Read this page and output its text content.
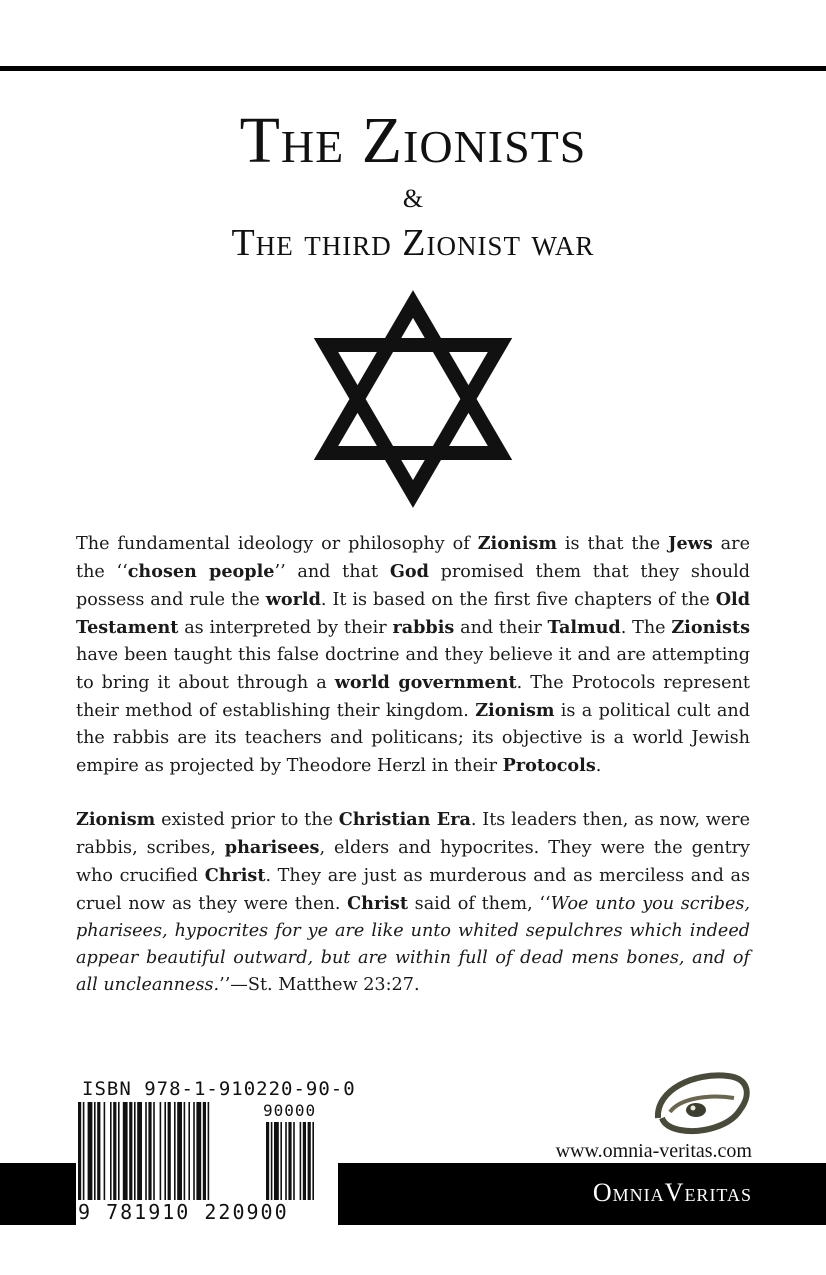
The Zionists
&
The third Zionist war

The fundamental ideology or philosophy of Zionism is that the Jews are the ‘‘chosen people’’ and that God promised them that they should possess and rule the world. It is based on the first five chapters of the Old Testament as interpreted by their rabbis and their Talmud. The Zionists have been taught this false doctrine and they believe it and are attempting to bring it about through a world government. The Protocols represent their method of establishing their kingdom. Zionism is a political cult and the rabbis are its teachers and politicans; its objective is a world Jewish empire as projected by Theodore Herzl in their Protocols.

Zionism existed prior to the Christian Era. Its leaders then, as now, were rabbis, scribes, pharisees, elders and hypocrites. They were the gentry who crucified Christ. They are just as murderous and as merciless and as cruel now as they were then. Christ said of them, ‘‘Woe unto you scribes, pharisees, hypocrites for ye are like unto whited sepulchres which indeed appear beautiful outward, but are within full of dead mens bones, and of all uncleanness.’’—St. Matthew 23:27.

ISBN 978-1-910220-90-0
90000
9 781910 220900
www.omnia-veritas.com
OmniaVeritas
